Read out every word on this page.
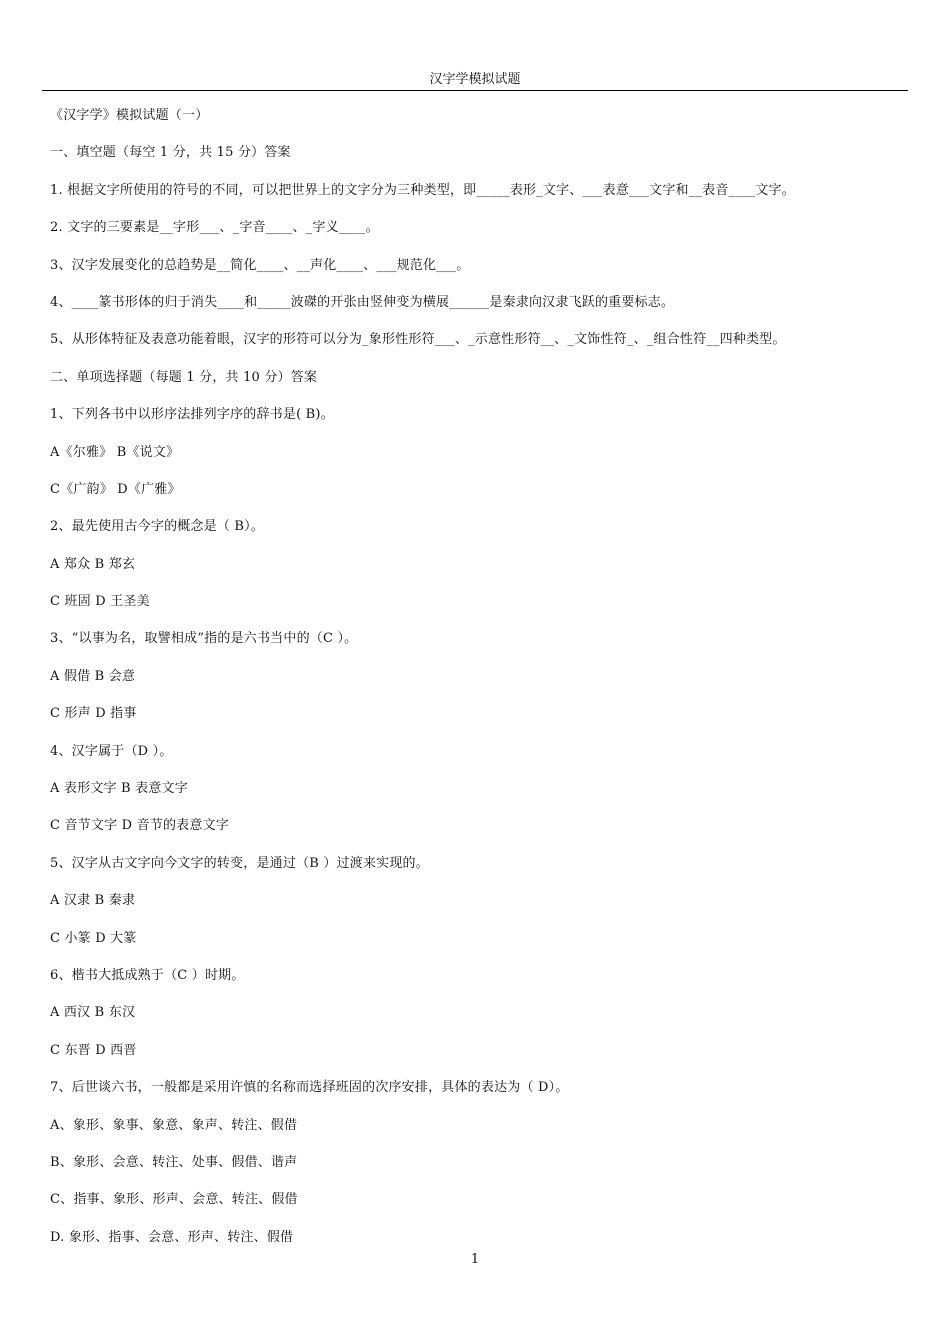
汉字学模拟试题
《汉字学》模拟试题（一）
一、填空题（每空 1 分，共 15 分）答案
1. 根据文字所使用的符号的不同，可以把世界上的文字分为三种类型，即_____表形_文字、___表意___文字和__表音____文字。
2. 文字的三要素是__字形___、_字音____、_字义____。
3、汉字发展变化的总趋势是__简化____、__声化____、___规范化___。
4、____篆书形体的归于消失____和_____波磔的开张由竖伸变为横展______是秦隶向汉隶飞跃的重要标志。
5、从形体特征及表意功能着眼，汉字的形符可以分为_象形性形符___、_示意性形符__、_文饰性符_、_组合性符__四种类型。
二、单项选择题（每题 1 分，共 10 分）答案
1、下列各书中以形序法排列字序的辞书是( B)。
A《尔雅》 B《说文》
C《广韵》 D《广雅》
2、最先使用古今字的概念是（ B）。
A 郑众 B 郑玄
C 班固 D 王圣美
3、“以事为名，取譬相成”指的是六书当中的（C ）。
A 假借 B 会意
C 形声 D 指事
4、汉字属于（D ）。
A 表形文字 B 表意文字
C 音节文字 D 音节的表意文字
5、汉字从古文字向今文字的转变，是通过（B ）过渡来实现的。
A 汉隶 B 秦隶
C 小篆 D 大篆
6、楷书大抵成熟于（C ）时期。
A 西汉 B 东汉
C 东晋 D 西晋
7、后世谈六书，一般都是采用许慎的名称而选择班固的次序安排，具体的表达为（ D）。
A、象形、象事、象意、象声、转注、假借
B、象形、会意、转注、处事、假借、谐声
C、指事、象形、形声、会意、转注、假借
D. 象形、指事、会意、形声、转注、假借
1
